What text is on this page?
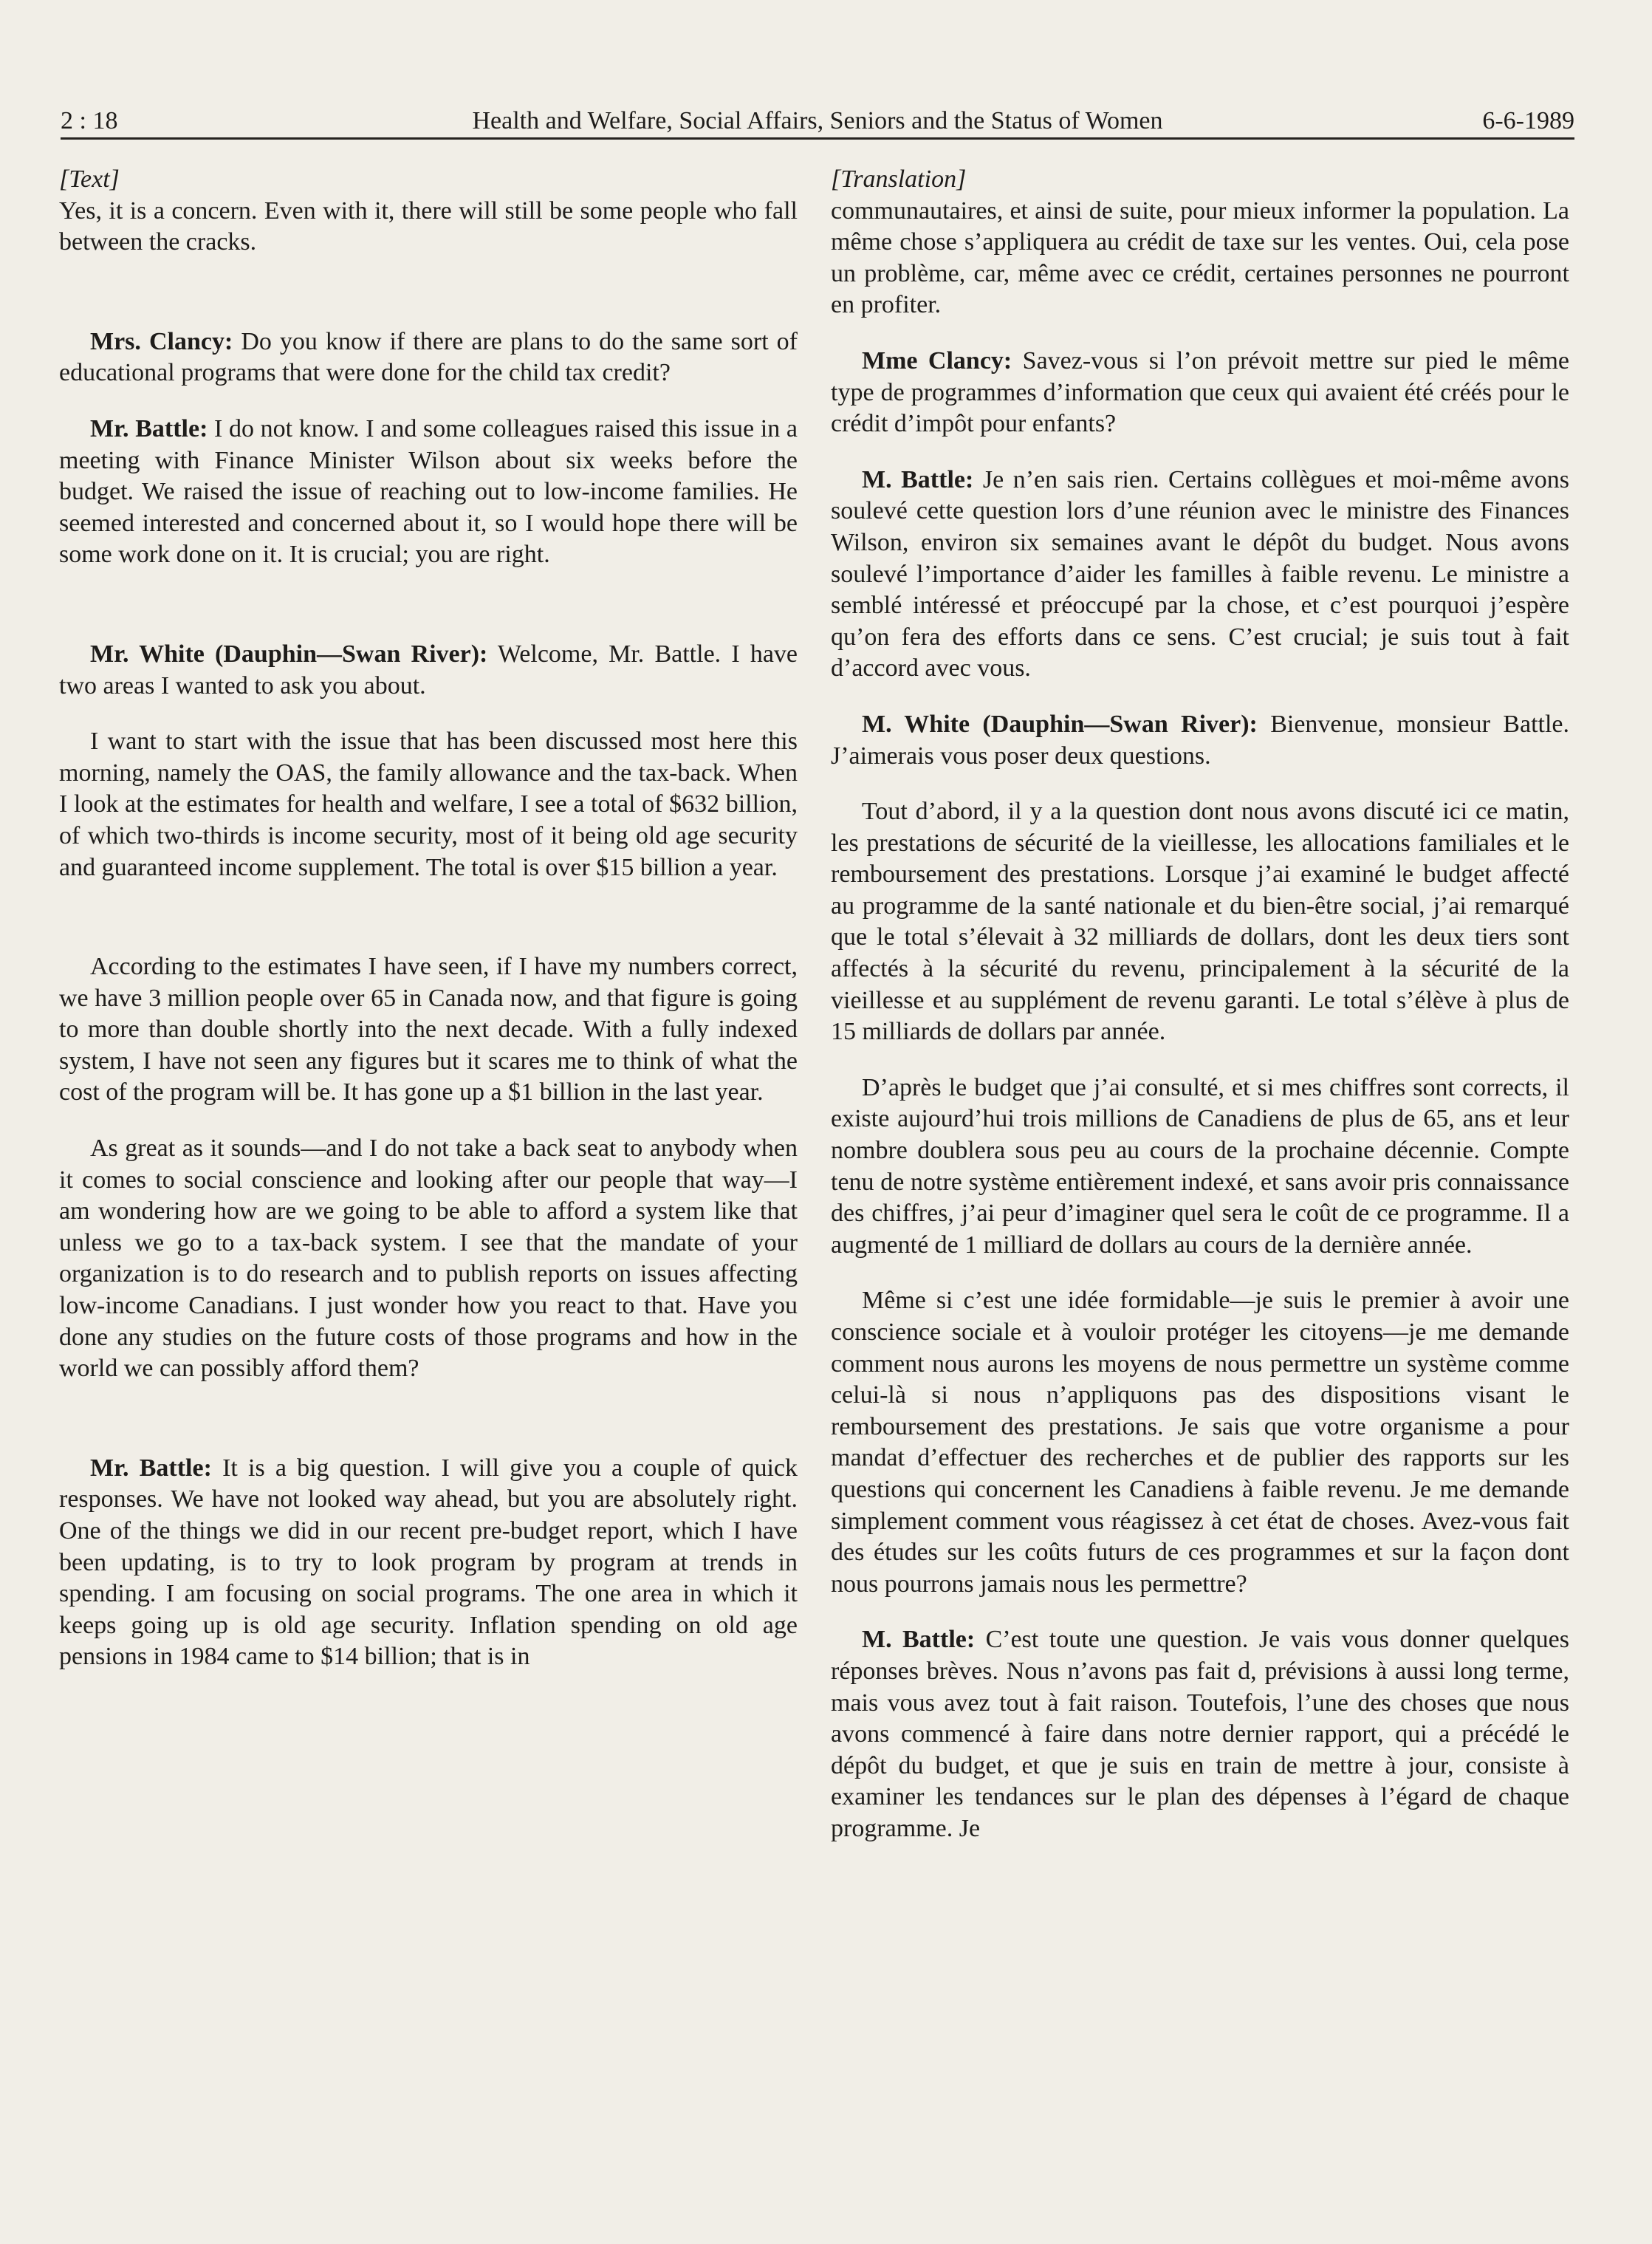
2 : 18	Health and Welfare, Social Affairs, Seniors and the Status of Women	6-6-1989
[Text]

Yes, it is a concern. Even with it, there will still be some people who fall between the cracks.

Mrs. Clancy: Do you know if there are plans to do the same sort of educational programs that were done for the child tax credit?

Mr. Battle: I do not know. I and some colleagues raised this issue in a meeting with Finance Minister Wilson about six weeks before the budget. We raised the issue of reaching out to low-income families. He seemed interested and concerned about it, so I would hope there will be some work done on it. It is crucial; you are right.

Mr. White (Dauphin—Swan River): Welcome, Mr. Battle. I have two areas I wanted to ask you about.

I want to start with the issue that has been discussed most here this morning, namely the OAS, the family allowance and the tax-back. When I look at the estimates for health and welfare, I see a total of $632 billion, of which two-thirds is income security, most of it being old age security and guaranteed income supplement. The total is over $15 billion a year.

According to the estimates I have seen, if I have my numbers correct, we have 3 million people over 65 in Canada now, and that figure is going to more than double shortly into the next decade. With a fully indexed system, I have not seen any figures but it scares me to think of what the cost of the program will be. It has gone up a $1 billion in the last year.

As great as it sounds—and I do not take a back seat to anybody when it comes to social conscience and looking after our people that way—I am wondering how are we going to be able to afford a system like that unless we go to a tax-back system. I see that the mandate of your organization is to do research and to publish reports on issues affecting low-income Canadians. I just wonder how you react to that. Have you done any studies on the future costs of those programs and how in the world we can possibly afford them?

Mr. Battle: It is a big question. I will give you a couple of quick responses. We have not looked way ahead, but you are absolutely right. One of the things we did in our recent pre-budget report, which I have been updating, is to try to look program by program at trends in spending. I am focusing on social programs. The one area in which it keeps going up is old age security. Inflation spending on old age pensions in 1984 came to $14 billion; that is in

[Translation]

communautaires, et ainsi de suite, pour mieux informer la population. La même chose s’appliquera au crédit de taxe sur les ventes. Oui, cela pose un problème, car, même avec ce crédit, certaines personnes ne pourront en profiter.

Mme Clancy: Savez-vous si l’on prévoit mettre sur pied le même type de programmes d’information que ceux qui avaient été créés pour le crédit d’impôt pour enfants?

M. Battle: Je n’en sais rien. Certains collègues et moi-même avons soulevé cette question lors d’une réunion avec le ministre des Finances Wilson, environ six semaines avant le dépôt du budget. Nous avons soulevé l’importance d’aider les familles à faible revenu. Le ministre a semblé intéressé et préoccupé par la chose, et c’est pourquoi j’espère qu’on fera des efforts dans ce sens. C’est crucial; je suis tout à fait d’accord avec vous.

M. White (Dauphin—Swan River): Bienvenue, monsieur Battle. J’aimerais vous poser deux questions.

Tout d’abord, il y a la question dont nous avons discuté ici ce matin, les prestations de sécurité de la vieillesse, les allocations familiales et le remboursement des prestations. Lorsque j’ai examiné le budget affecté au programme de la santé nationale et du bien-être social, j’ai remarqué que le total s’élevait à 32 milliards de dollars, dont les deux tiers sont affectés à la sécurité du revenu, principalement à la sécurité de la vieillesse et au supplément de revenu garanti. Le total s’élève à plus de 15 milliards de dollars par année.

D’après le budget que j’ai consulté, et si mes chiffres sont corrects, il existe aujourd’hui trois millions de Canadiens de plus de 65, ans et leur nombre doublera sous peu au cours de la prochaine décennie. Compte tenu de notre système entièrement indexé, et sans avoir pris connaissance des chiffres, j’ai peur d’imaginer quel sera le coût de ce programme. Il a augmenté de 1 milliard de dollars au cours de la dernière année.

Même si c’est une idée formidable—je suis le premier à avoir une conscience sociale et à vouloir protéger les citoyens—je me demande comment nous aurons les moyens de nous permettre un système comme celui-là si nous n’appliquons pas des dispositions visant le remboursement des prestations. Je sais que votre organisme a pour mandat d’effectuer des recherches et de publier des rapports sur les questions qui concernent les Canadiens à faible revenu. Je me demande simplement comment vous réagissez à cet état de choses. Avez-vous fait des études sur les coûts futurs de ces programmes et sur la façon dont nous pourrons jamais nous les permettre?

M. Battle: C’est toute une question. Je vais vous donner quelques réponses brèves. Nous n’avons pas fait d, prévisions à aussi long terme, mais vous avez tout à fait raison. Toutefois, l’une des choses que nous avons commencé à faire dans notre dernier rapport, qui a précédé le dépôt du budget, et que je suis en train de mettre à jour, consiste à examiner les tendances sur le plan des dépenses à l’égard de chaque programme. Je
